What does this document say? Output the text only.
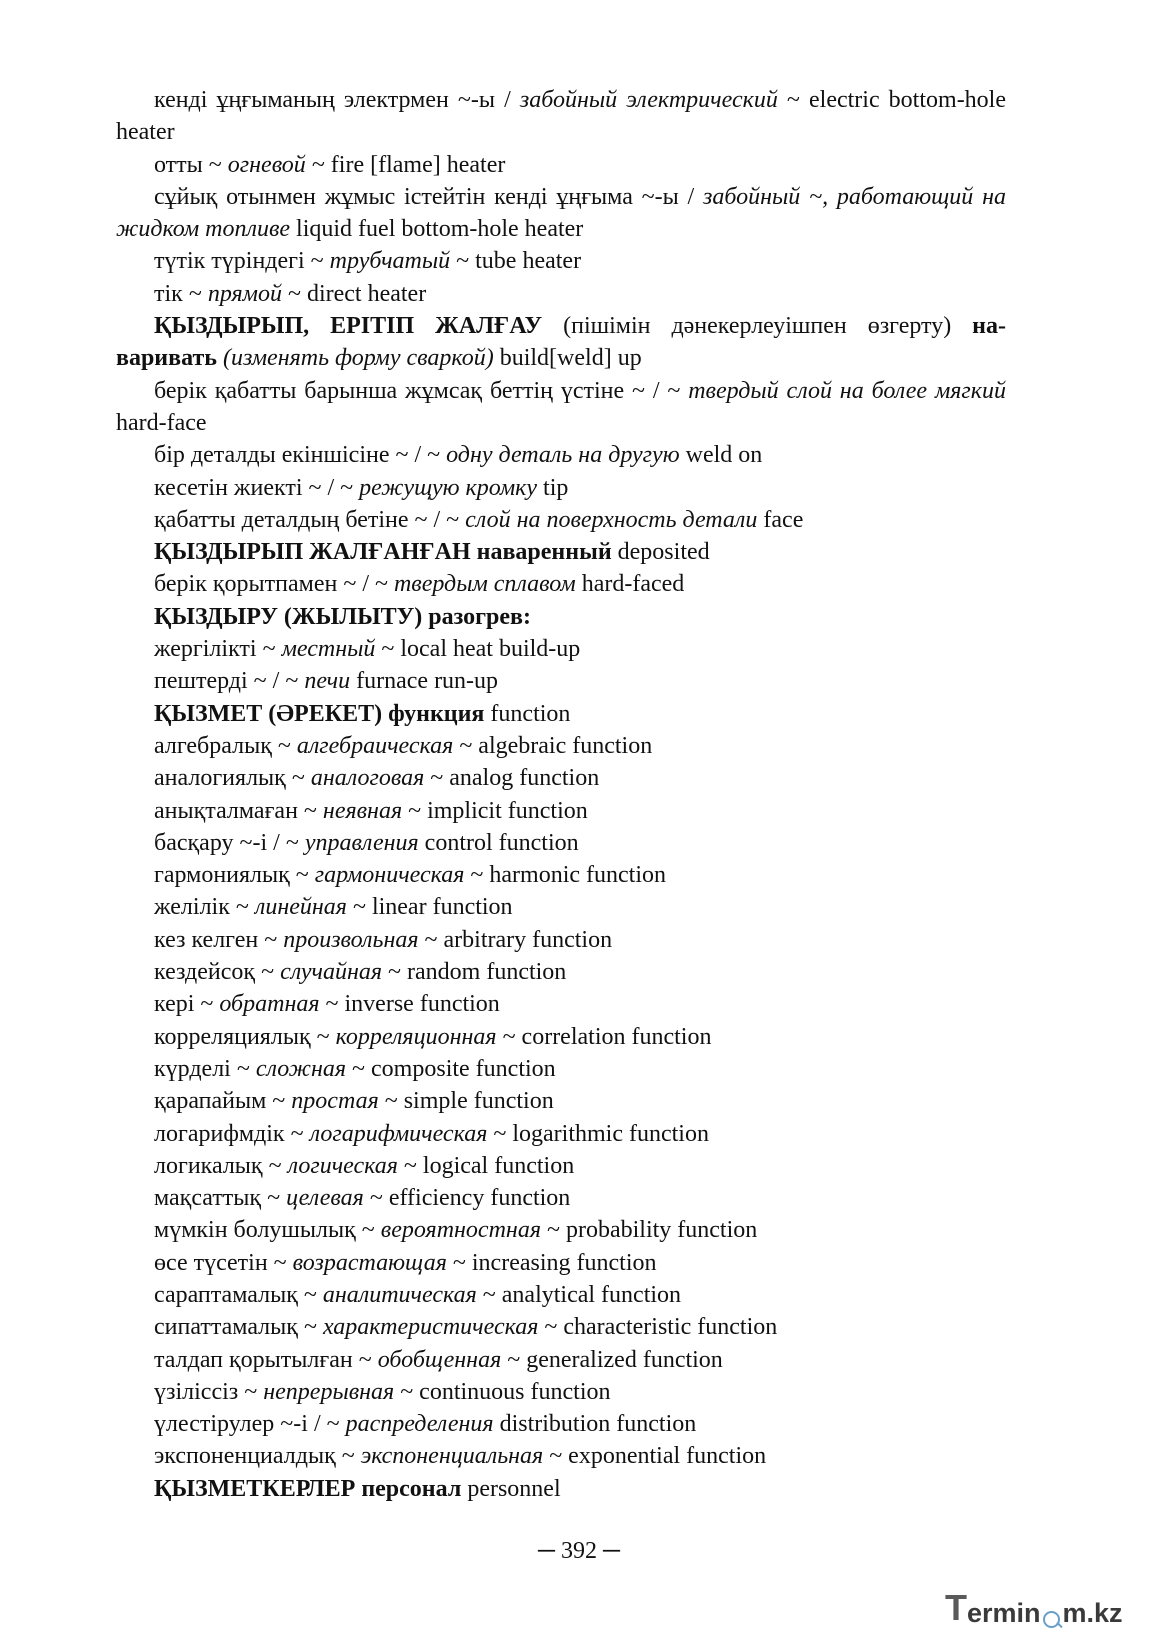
кенді ұңғыманың электрмен ~-ы / забойный электрический ~ electric bottom-hole heater

отты ~ огневой ~ fire [flame] heater

сұйық отынмен жұмыс істейтін кенді ұңғыма ~-ы / забойный ~, работающий на жидком топливе liquid fuel bottom-hole heater

түтік түріндегі ~ трубчатый ~ tube heater

тік ~ прямой ~ direct heater

ҚЫЗДЫРЫП, ЕРІТІП ЖАЛҒАУ (пішімін дәнекерлеуішпен өзгерту) наваривать (изменять форму сваркой) build[weld] up

берік қабатты барынша жұмсақ беттің үстіне ~ / ~ твердый слой на более мягкий hard-face

бір деталды екіншісіне ~ / ~ одну деталь на другую weld on

кесетін жиекті ~ / ~ режущую кромку tip

қабатты деталдың бетіне ~ / ~ слой на поверхность детали face

ҚЫЗДЫРЫП ЖАЛҒАНҒАН наваренный deposited

берік қорытпамен ~ / ~ твердым сплавом hard-faced

ҚЫЗДЫРУ (ЖЫЛЫТУ) разогрев:

жергілікті ~ местный ~ local heat build-up

пештерді ~ / ~ печи furnace run-up

ҚЫЗМЕТ (ӘРЕКЕТ) функция function

алгебралық ~ алгебраическая ~ algebraic function

аналогиялық ~ аналоговая ~ analog function

анықталмаған ~ неявная ~ implicit function

басқару ~-і / ~ управления control function

гармониялық ~ гармоническая ~ harmonic function

желілік ~ линейная ~ linear function

кез келген ~ произвольная ~ arbitrary function

кездейсоқ ~ случайная ~ random function

кері ~ обратная ~ inverse function

корреляциялық ~ корреляционная ~ correlation function

күрделі ~ сложная ~ composite function

қарапайым ~ простая ~ simple function

логарифмдік ~ логарифмическая ~ logarithmic function

логикалық ~ логическая ~ logical function

мақсаттық ~ целевая ~ efficiency function

мүмкін болушылық ~ вероятностная ~ probability function

өсе түсетін ~ возрастающая ~ increasing function

сараптамалық ~ аналитическая ~ analytical function

сипаттамалық ~ характеристическая ~ characteristic function

талдап қорытылған ~ обобщенная ~ generalized function

үзіліссіз ~ непрерывная ~ continuous function

үлестірулер ~-і / ~ распределения distribution function

экспоненциалдық ~ экспоненциальная ~ exponential function

ҚЫЗМЕТКЕРЛЕР персонал personnel

─ 392 ─
T ermin m.kz
